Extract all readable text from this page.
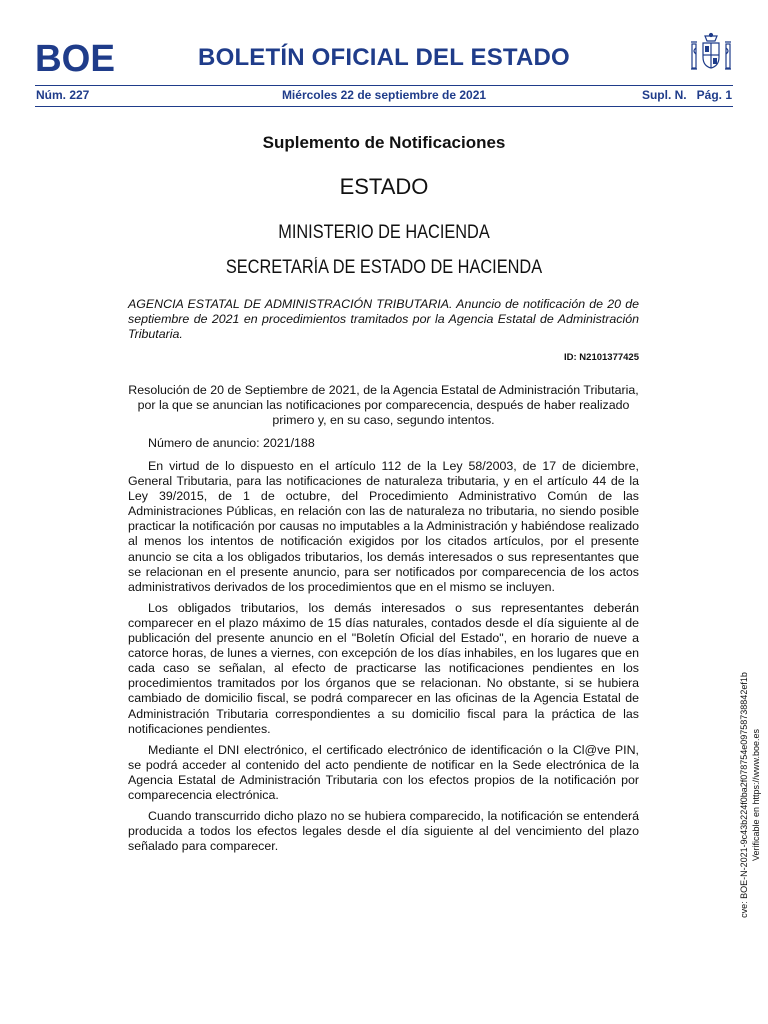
BOE	BOLETÍN OFICIAL DEL ESTADO
Núm. 227	Miércoles 22 de septiembre de 2021	Supl. N.   Pág. 1
Suplemento de Notificaciones
ESTADO
MINISTERIO DE HACIENDA
SECRETARÍA DE ESTADO DE HACIENDA
AGENCIA ESTATAL DE ADMINISTRACIÓN TRIBUTARIA. Anuncio de notificación de 20 de septiembre de 2021 en procedimientos tramitados por la Agencia Estatal de Administración Tributaria.
ID: N2101377425
Resolución de 20 de Septiembre de 2021, de la Agencia Estatal de Administración Tributaria, por la que se anuncian las notificaciones por comparecencia, después de haber realizado primero y, en su caso, segundo intentos.
Número de anuncio: 2021/188

En virtud de lo dispuesto en el artículo 112 de la Ley 58/2003, de 17 de diciembre, General Tributaria, para las notificaciones de naturaleza tributaria, y en el artículo 44 de la Ley 39/2015, de 1 de octubre, del Procedimiento Administrativo Común de las Administraciones Públicas, en relación con las de naturaleza no tributaria, no siendo posible practicar la notificación por causas no imputables a la Administración y habiéndose realizado al menos los intentos de notificación exigidos por los citados artículos, por el presente anuncio se cita a los obligados tributarios, los demás interesados o sus representantes que se relacionan en el presente anuncio, para ser notificados por comparecencia de los actos administrativos derivados de los procedimientos que en el mismo se incluyen.

Los obligados tributarios, los demás interesados o sus representantes deberán comparecer en el plazo máximo de 15 días naturales, contados desde el día siguiente al de publicación del presente anuncio en el "Boletín Oficial del Estado", en horario de nueve a catorce horas, de lunes a viernes, con excepción de los días inhabiles, en los lugares que en cada caso se señalan, al efecto de practicarse las notificaciones pendientes en los procedimientos tramitados por los órganos que se relacionan. No obstante, si se hubiera cambiado de domicilio fiscal, se podrá comparecer en las oficinas de la Agencia Estatal de Administración Tributaria correspondientes a su domicilio fiscal para la práctica de las notificaciones pendientes.

Mediante el DNI electrónico, el certificado electrónico de identificación o la Cl@ve PIN, se podrá acceder al contenido del acto pendiente de notificar en la Sede electrónica de la Agencia Estatal de Administración Tributaria con los efectos propios de la notificación por comparecencia electrónica.

Cuando transcurrido dicho plazo no se hubiera comparecido, la notificación se entenderá producida a todos los efectos legales desde el día siguiente al del vencimiento del plazo señalado para comparecer.	cve: BOE-N-2021-9c43b224f0ba2f078754e09758738842ef1b Verificable en https://www.boe.es
